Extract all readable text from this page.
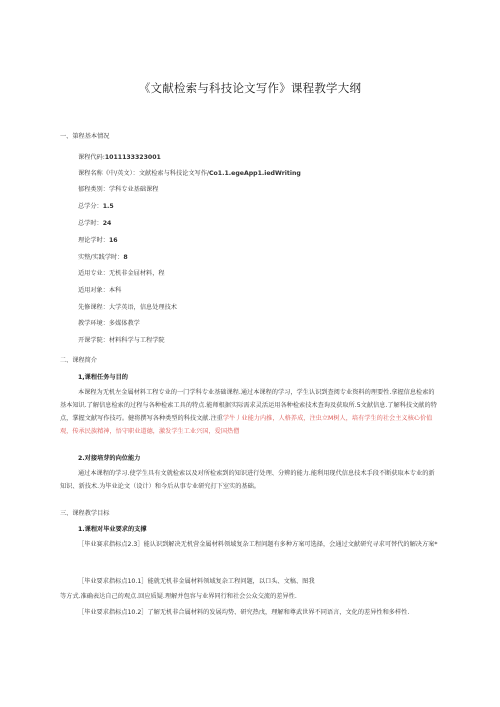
《文献检索与科技论文写作》课程教学大纲
一、第程基本情况
课程代码:1011133323001
课程名称《中/英文）：文献检索与科技论文写作/Co1.1.egeApp1.iedWriting
郁程类别：学科专业基础课程
总学分：1.5
总学时：24
理论学时：16
实整/实践学时：8
适用专业：无机非金屈材料，程
适用对象：本科
先修课程：大学英语，信息处理技术
教学环境：多媒体教学
开课学院：材料科学与工程学院
二、课程简介
1,课程任务与目的
本课程为无机左金属材料工程专业的一门学科专业基础课程.通过本课程的学习，学生认识到查阅专业资料的理要性.拿握信息检索的基本知识.了解信息检索的过程与各种检索工具的特点.能师根据实际需求灵活运用各种检索技术查询及获取所.5文献信息.了解科技文献的特点，掌握文献写作技巧。健将撰写各种类型的科技文献.注重学牛丿业能力内推，人格养成，注虫立M树人，培有学生的社会主义核心价值观，传承民族精神，悟守职业道德，激发学生工业兴国，爱国热僧
2.对接培芽的向位能力
通过本课程的学习.使学生具有文就检索以及对所检索到的知识进行处理、分辨的能力.能利用现代信息技术手段不断获取本专业的新知识、新技术.为毕业论文（设计）和今后从事专业研究打下室实的基础。
三、课程教学目标
1.课程对毕业要求的支撑
［毕业赛求指标点2.3］能认识到解决无机营金属材料领域复杂工程问题有多种方案可选择，会通过文献研究寻求可替代的解决方案*
［毕业要求指标点10.1］能就无机非金属材料领域复杂工程问题，以口头、文稿、图我
等方式.准确表达自己的观点.回应质疑.理解并包容与业界同行和社会公众交流的差异性.
［毕业要求指标点10.2］了解无机非合属材料的发展均势、研究热戊，理解和尊武世界不同语言，文化的差异性和多样性.
